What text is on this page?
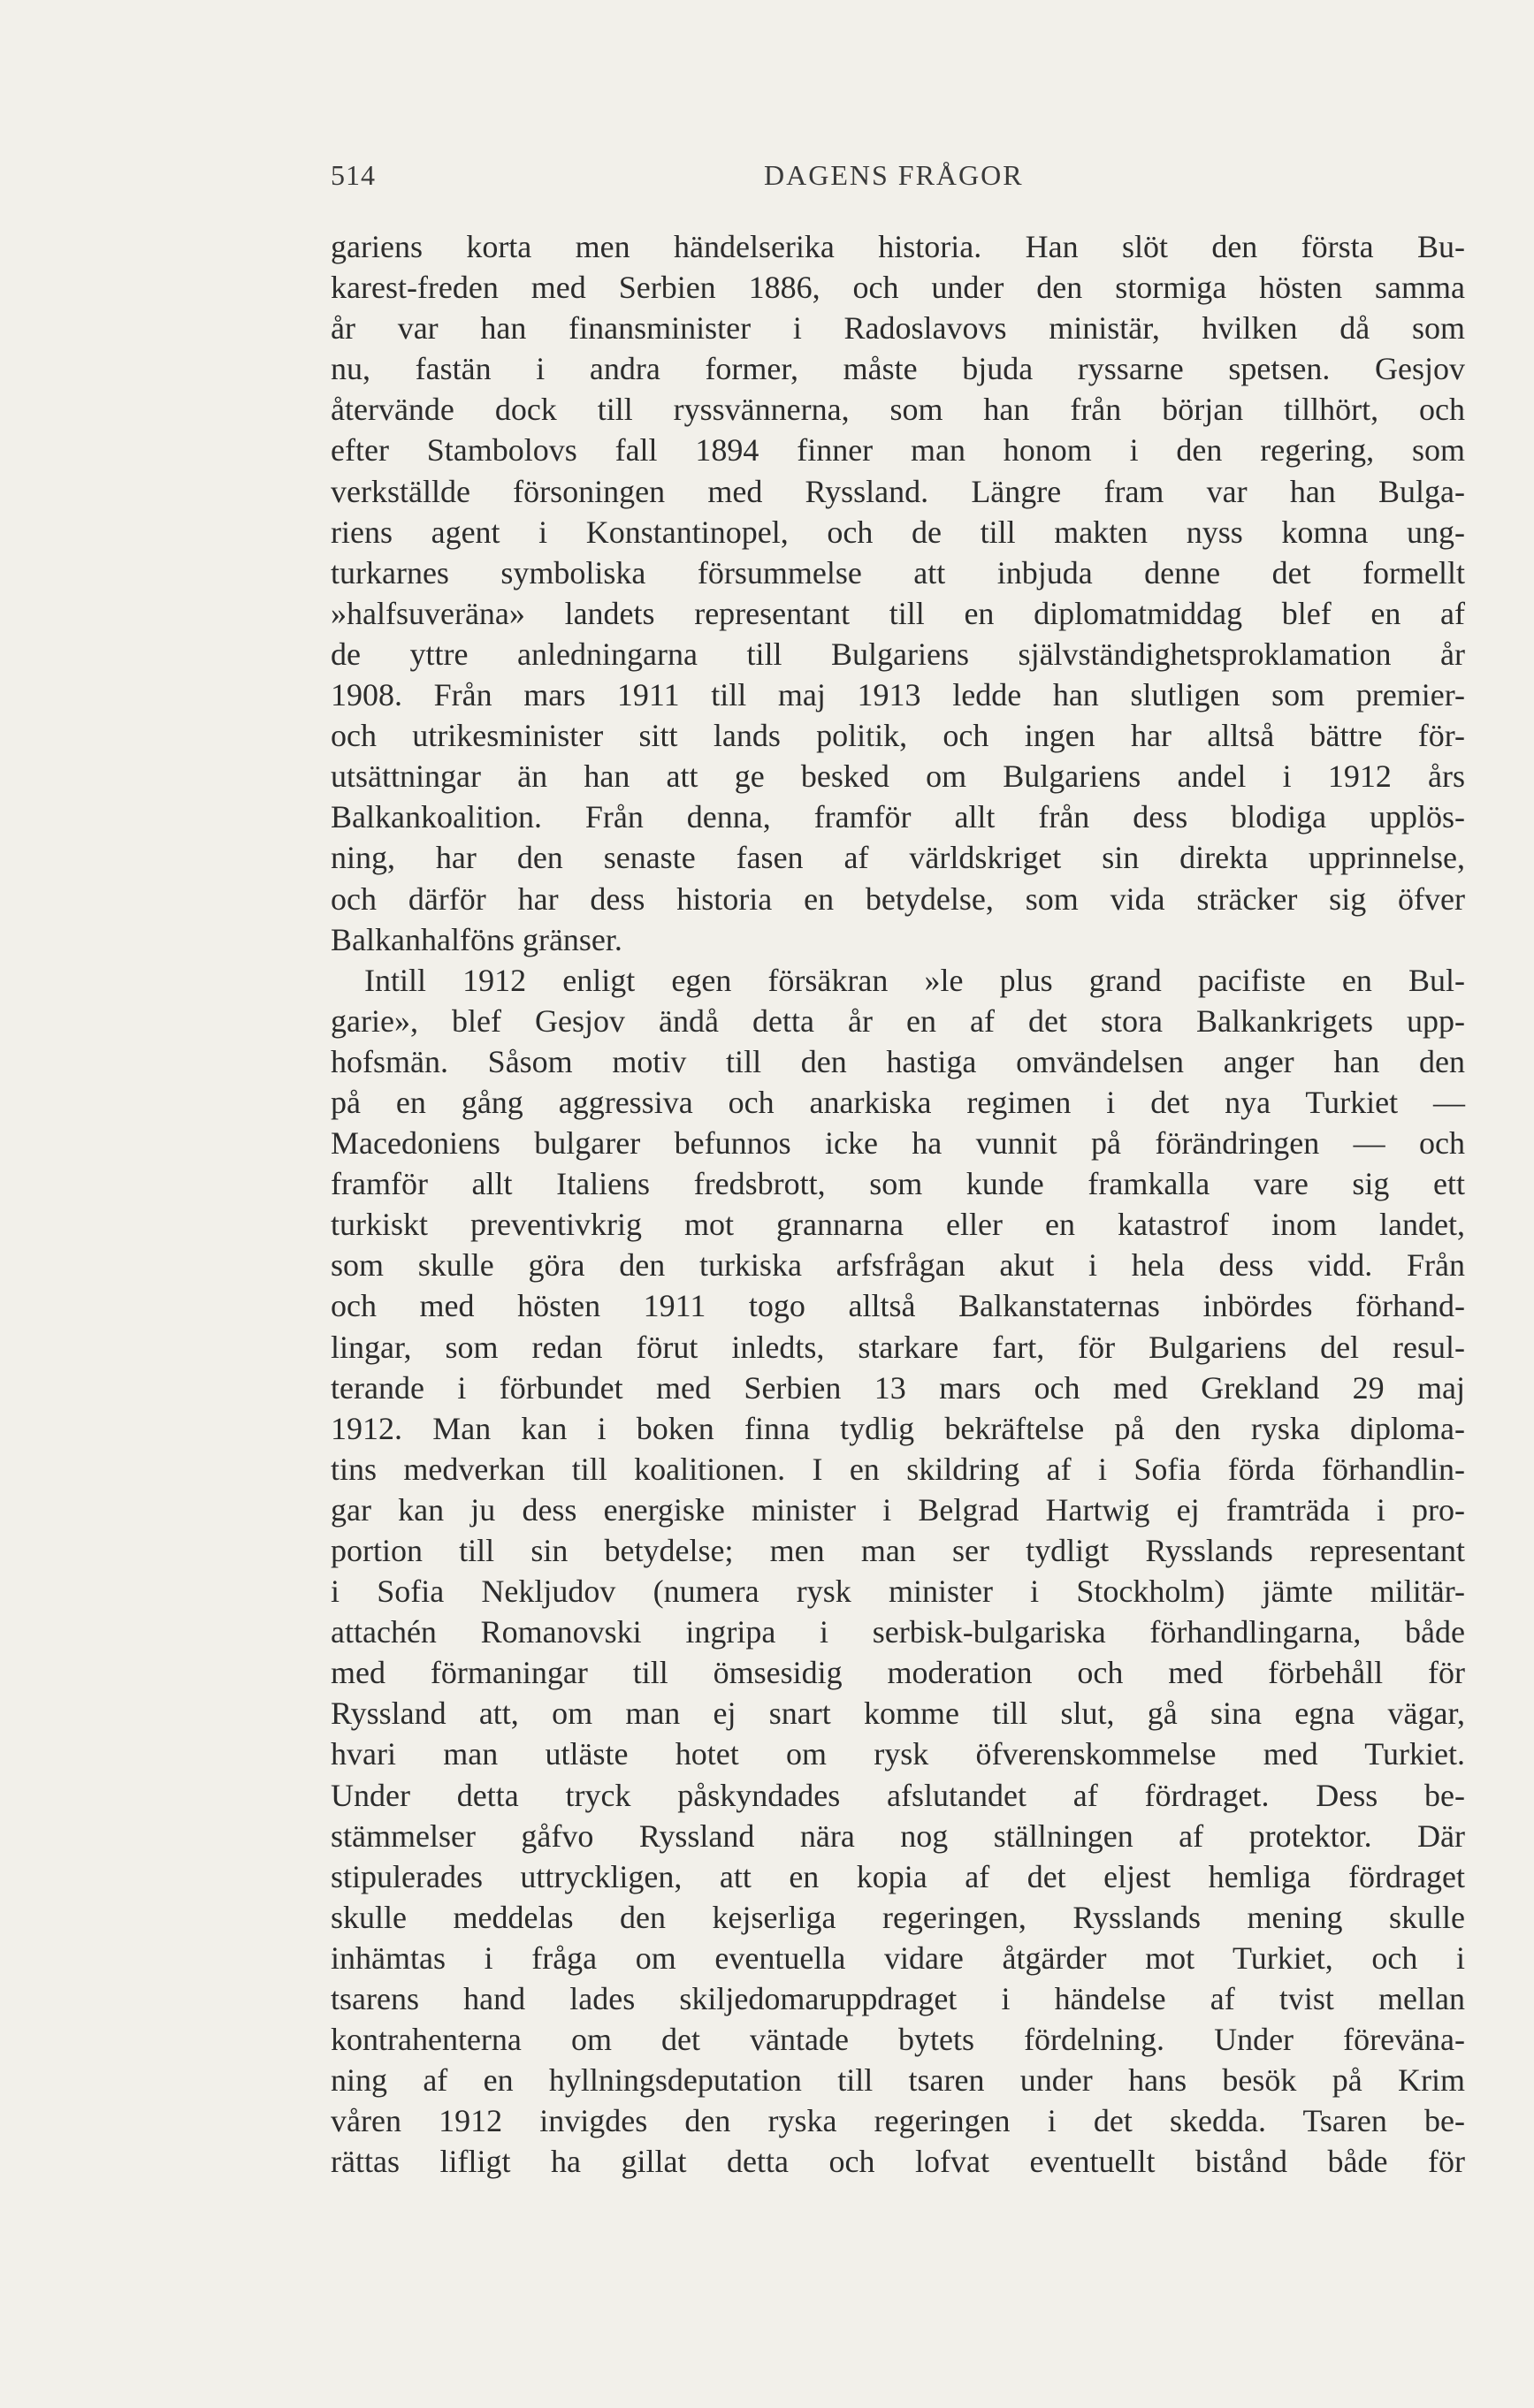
514	DAGENS FRÅGOR
gariens korta men händelserika historia. Han slöt den första Bu-
karest-freden med Serbien 1886, och under den stormiga hösten samma
år var han finansminister i Radoslavovs ministär, hvilken då som
nu, fastän i andra former, måste bjuda ryssarne spetsen. Gesjov
återvände dock till ryssvännerna, som han från början tillhört, och
efter Stambolovs fall 1894 finner man honom i den regering, som
verkställde försoningen med Ryssland. Längre fram var han Bulga-
riens agent i Konstantinopel, och de till makten nyss komna ung-
turkarnes symboliska försummelse att inbjuda denne det formellt
»halfsuveräna» landets representant till en diplomatmiddag blef en af
de yttre anledningarna till Bulgariens självständighetsproklamation år
1908. Från mars 1911 till maj 1913 ledde han slutligen som premier-
och utrikesminister sitt lands politik, och ingen har alltså bättre för-
utsättningar än han att ge besked om Bulgariens andel i 1912 års
Balkankoalition. Från denna, framför allt från dess blodiga upplös-
ning, har den senaste fasen af världskriget sin direkta upprinnelse,
och därför har dess historia en betydelse, som vida sträcker sig öfver
Balkanhalföns gränser.
Intill 1912 enligt egen försäkran »le plus grand pacifiste en Bul-
garie», blef Gesjov ändå detta år en af det stora Balkankrigets upp-
hofsmän. Såsom motiv till den hastiga omvändelsen anger han den
på en gång aggressiva och anarkiska regimen i det nya Turkiet —
Macedoniens bulgarer befunnos icke ha vunnit på förändringen — och
framför allt Italiens fredsbrott, som kunde framkalla vare sig ett
turkiskt preventivkrig mot grannarna eller en katastrof inom landet,
som skulle göra den turkiska arfsfrågan akut i hela dess vidd. Från
och med hösten 1911 togo alltså Balkanstaternas inbördes förhand-
lingar, som redan förut inledts, starkare fart, för Bulgariens del resul-
terande i förbundet med Serbien 13 mars och med Grekland 29 maj
1912. Man kan i boken finna tydlig bekräftelse på den ryska diploma-
tins medverkan till koalitionen. I en skildring af i Sofia förda förhandlin-
gar kan ju dess energiske minister i Belgrad Hartwig ej framträda i pro-
portion till sin betydelse; men man ser tydligt Rysslands representant
i Sofia Nekljudov (numera rysk minister i Stockholm) jämte militär-
attachén Romanovski ingripa i serbisk-bulgariska förhandlingarna, både
med förmaningar till ömsesidig moderation och med förbehåll för
Ryssland att, om man ej snart komme till slut, gå sina egna vägar,
hvari man utläste hotet om rysk öfverenskommelse med Turkiet.
Under detta tryck påskyndades afslutandet af fördraget. Dess be-
stämmelser gåfvo Ryssland nära nog ställningen af protektor. Där
stipulerades uttryckligen, att en kopia af det eljest hemliga fördraget
skulle meddelas den kejserliga regeringen, Rysslands mening skulle
inhämtas i fråga om eventuella vidare åtgärder mot Turkiet, och i
tsarens hand lades skiljedomaruppdraget i händelse af tvist mellan
kontrahenterna om det väntade bytets fördelning. Under föreväna-
ning af en hyllningsdeputation till tsaren under hans besök på Krim
våren 1912 invigdes den ryska regeringen i det skedda. Tsaren be-
rättas lifligt ha gillat detta och lofvat eventuellt bistånd både för
